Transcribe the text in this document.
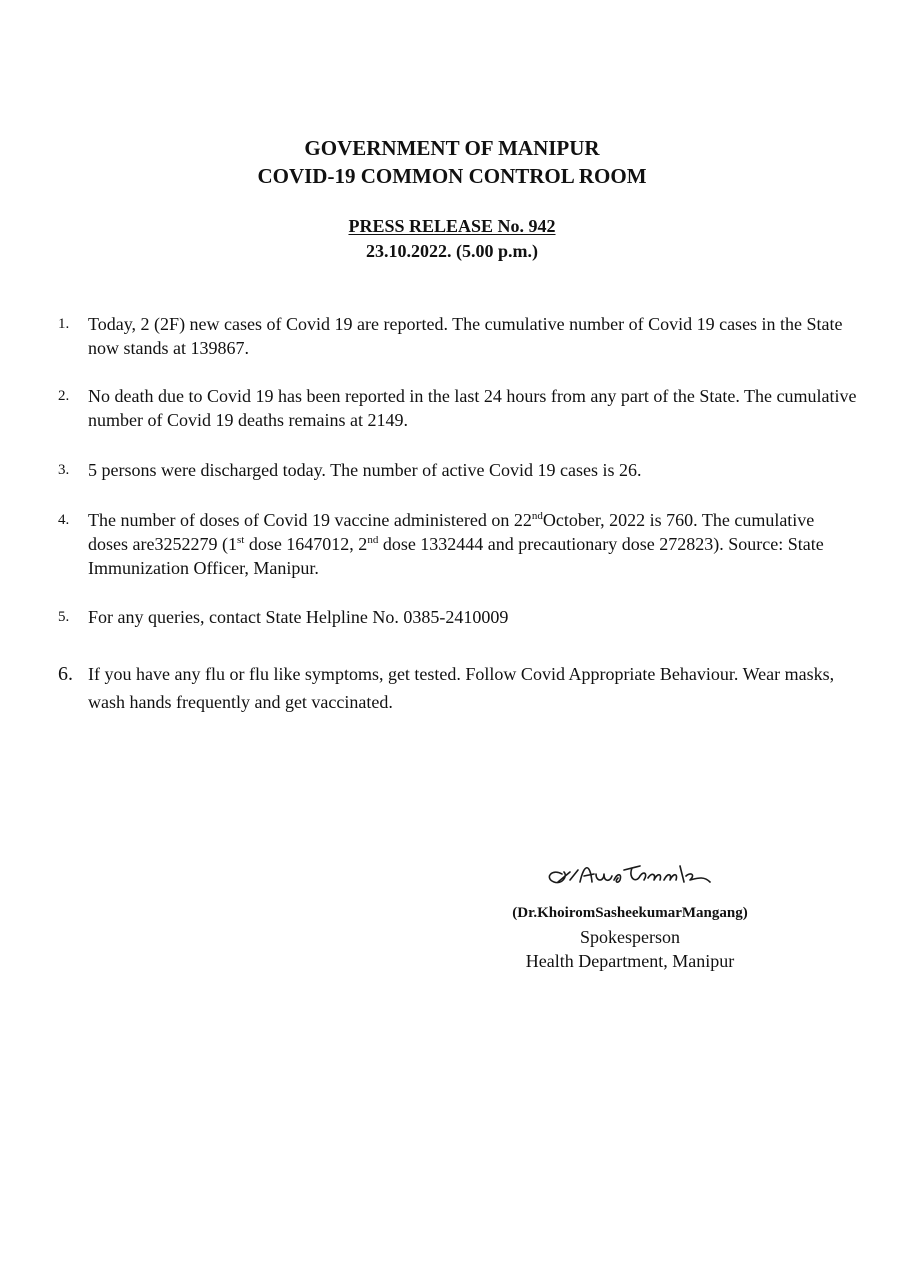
GOVERNMENT OF MANIPUR
COVID-19 COMMON CONTROL ROOM
PRESS RELEASE No. 942
23.10.2022. (5.00 p.m.)
1.	Today, 2 (2F) new cases of Covid 19 are reported. The cumulative number of Covid 19 cases in the State now stands at 139867.
2.	No death due to Covid 19 has been reported in the last 24 hours from any part of the State. The cumulative number of Covid 19 deaths remains at 2149.
3.	5 persons were discharged today. The number of active Covid 19 cases is 26.
4.	The number of doses of Covid 19 vaccine administered on 22ndOctober, 2022 is 760. The cumulative doses are3252279 (1st dose 1647012, 2nd dose 1332444 and precautionary dose 272823). Source: State Immunization Officer, Manipur.
5.	For any queries, contact State Helpline No. 0385-2410009
6. If you have any flu or flu like symptoms, get tested. Follow Covid Appropriate Behaviour. Wear masks, wash hands frequently and get vaccinated.
(Dr.KhoiromSasheekumarMangang)
Spokesperson
Health Department, Manipur
